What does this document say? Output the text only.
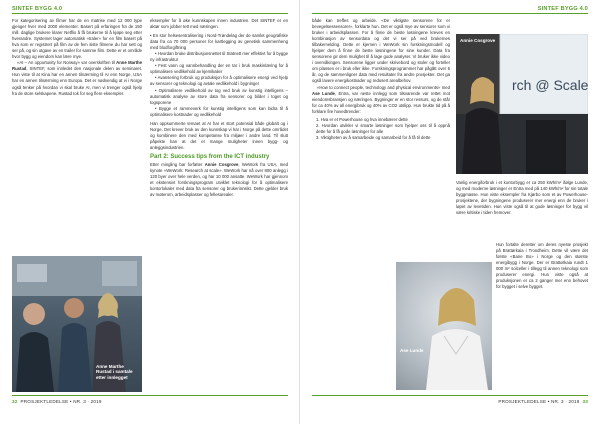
SINTEF BYGG 4.0

For kategorisering av filmer har de en matrise med 12 000 type gjenger hver med 2000 elementer. Basert på erfaringen fra de 150 mill. daglige brukere klarer Netflix å få brukerne til å kjøpe seg etter hverandre. Systemet lager automatisk «traler» for en film basert på hva som er registrert på film av de fem siste filmene du har sett og ser på, og sin utgave av en trailer for samme film. Dette er et område hvor bygg og eiendom kan lære mye.

«AI – An opportunity for Norway» var overskriften til Anne Marthe Rustad, SINTEF, som innledet den nasjonale delen av seminaret. Hun viste til at Kina har en annen tilnærming til AI enn Norge, USA har en annen tilnærming enn Europa. Det er nødvendig at vi i Norge også tenker på hvordan vi skal bruke AI, men vi trenger også hjelp fra de store selskapene. Rustad tok for seg flere eksempler.

Anne Marthe Rustad i samtale etter innlegget

eksempler for å øke kunnskapen innen industrien. Det SINTEF er en aktør som jobber tett med næringen.

• En stor helsesentralisering i Nord-Trøndelag der de samlet geografiske data fra ca 70 000 personer for kartlegging av genetisk sammenheng med blodforgiftning

• Hvordan bruke distribusjonsnettet til Statnett mer effektivt for å bygge ny infrastruktur

• Fest vann og vannbehandling der en tar i bruk maskinlæring for å optimalisere vedlikehold av kjemikalier

• Avansering forbruk og produksjon for å optimalisere energi ved hjelp av sensorer og teknologi og avtale vedlikehold i bygninger

• Optimalisere vedlikehold av tog ved bruk av kunstig intelligens – automatisk analyse av store data fra sensorer og bilder i toget og togsporene

• Bygge et rammeverk for kunstig intelligens som kan bidra til å optimalisere kostnader og vedlikehold

Han oppsummerte temaet at AI har et stort potensial både globalt og i Norge. Det krever bruk av den kunnskap vi har i Norge på dette området og kombinere den med kompetanse fra miljøer i andre land. Til slutt påpekte han at det er mange muligheter innen bygg- og anleggsindustrien.

Part 2: Success tips from the ICT industry

Etter mingling bar forfatter Annie Cosgrove, WeWork fra USA, med kynote «WeWork: Research at scale». WeWork har nå over 800 anlegg i 120 byer over hele verden, og har 10 000 ansatte. WeWork har gjennom et ekstensivt forskningsprogram utviklet teknologi for å optimalisere kontorlokaler med data fra sensorer og brukerinnsikt. Dette gjelder bruk av møterom, arbeidsplasser og fellesarealer.

32 PROSJEKTLEDELSE • NR. 3 · 2019
SINTEF BYGG 4.0

både kan treffes og arbeide. «De viktigste sensorene for er bevegelsessensorer», forklarte hun. Det er også mye av sensorer som vi bruker i arbeidsplassen. For å finne de beste løsningene kreves en kombinasjon av sensordata og det vi ser på ved brukernes tilbakemelding. Dette er kjernen i WeWork sin forskningsmodell og hjelper dem å finne de beste løsningene for sine kunder. Data fra sensorene gir dem mulighet til å lage gode analyser. Vi bruker ikke video i overvåkingen. Sensorene ligger under skrivebord og stoler og forteller om plassen er i bruk eller ikke. Forskningsprogrammet har pågått over 5 år, og de sammenligner data med resultater fra andre prosjekter. Det ga også lavere energikostnader og redusert arealbehov.

«How to connect people, technology and physical environments» med Ase Lunde, Entra, var neste innlegg som tilsvarende var rettet mot eiendomsbransjen og næringen. Bygninger er en stor ressurs, og de står for ca 40% av all energibruk og 40% av CO2 utslipp. Hun brukte tid på å forklare fire hovedtrender:

1. Hva er et Powerhouse og hva innebærer dette
2. Hvordan utvikler vi smarte løsninger som hjelper oss til å oppnå dette for å få gode løsninger for alle
3. Viktigheten av å samarbeide og samarbeid for å få til dette
rch @ Scale
Annie Cosgrove

Vanlig energiforbruk i et kontorbygg er ca 250 kWh/m² ifølge Lunde, og med moderne løsninger er Entra med på 140 kWh/m² for sin totale byggmasse. Hun viste eksempler fra Kjørbo som et av Powerhouse-prosjektene, der bygningene produserer mer energi enn de bruker i løpet av levetiden. Hun viste også til at gode løsninger for bygg vil være kritiske i tiden fremover.

Ase Lunde

Hun fortalte deretter om deres nyeste prosjekt på Brattørkaia i Trondheim. Dette vil være det første «Bane Bo» i Norge og den største energibygg i Norge. Der er Brattørkaia rundt 1 000 m² solceller i tillegg til annen teknologi som produserer energi. Hun viste også at produksjonen er ca 2 ganger mer enn behovet for bygget i selve bygget.

PROSJEKTLEDELSE • NR. 3 · 2019 33
